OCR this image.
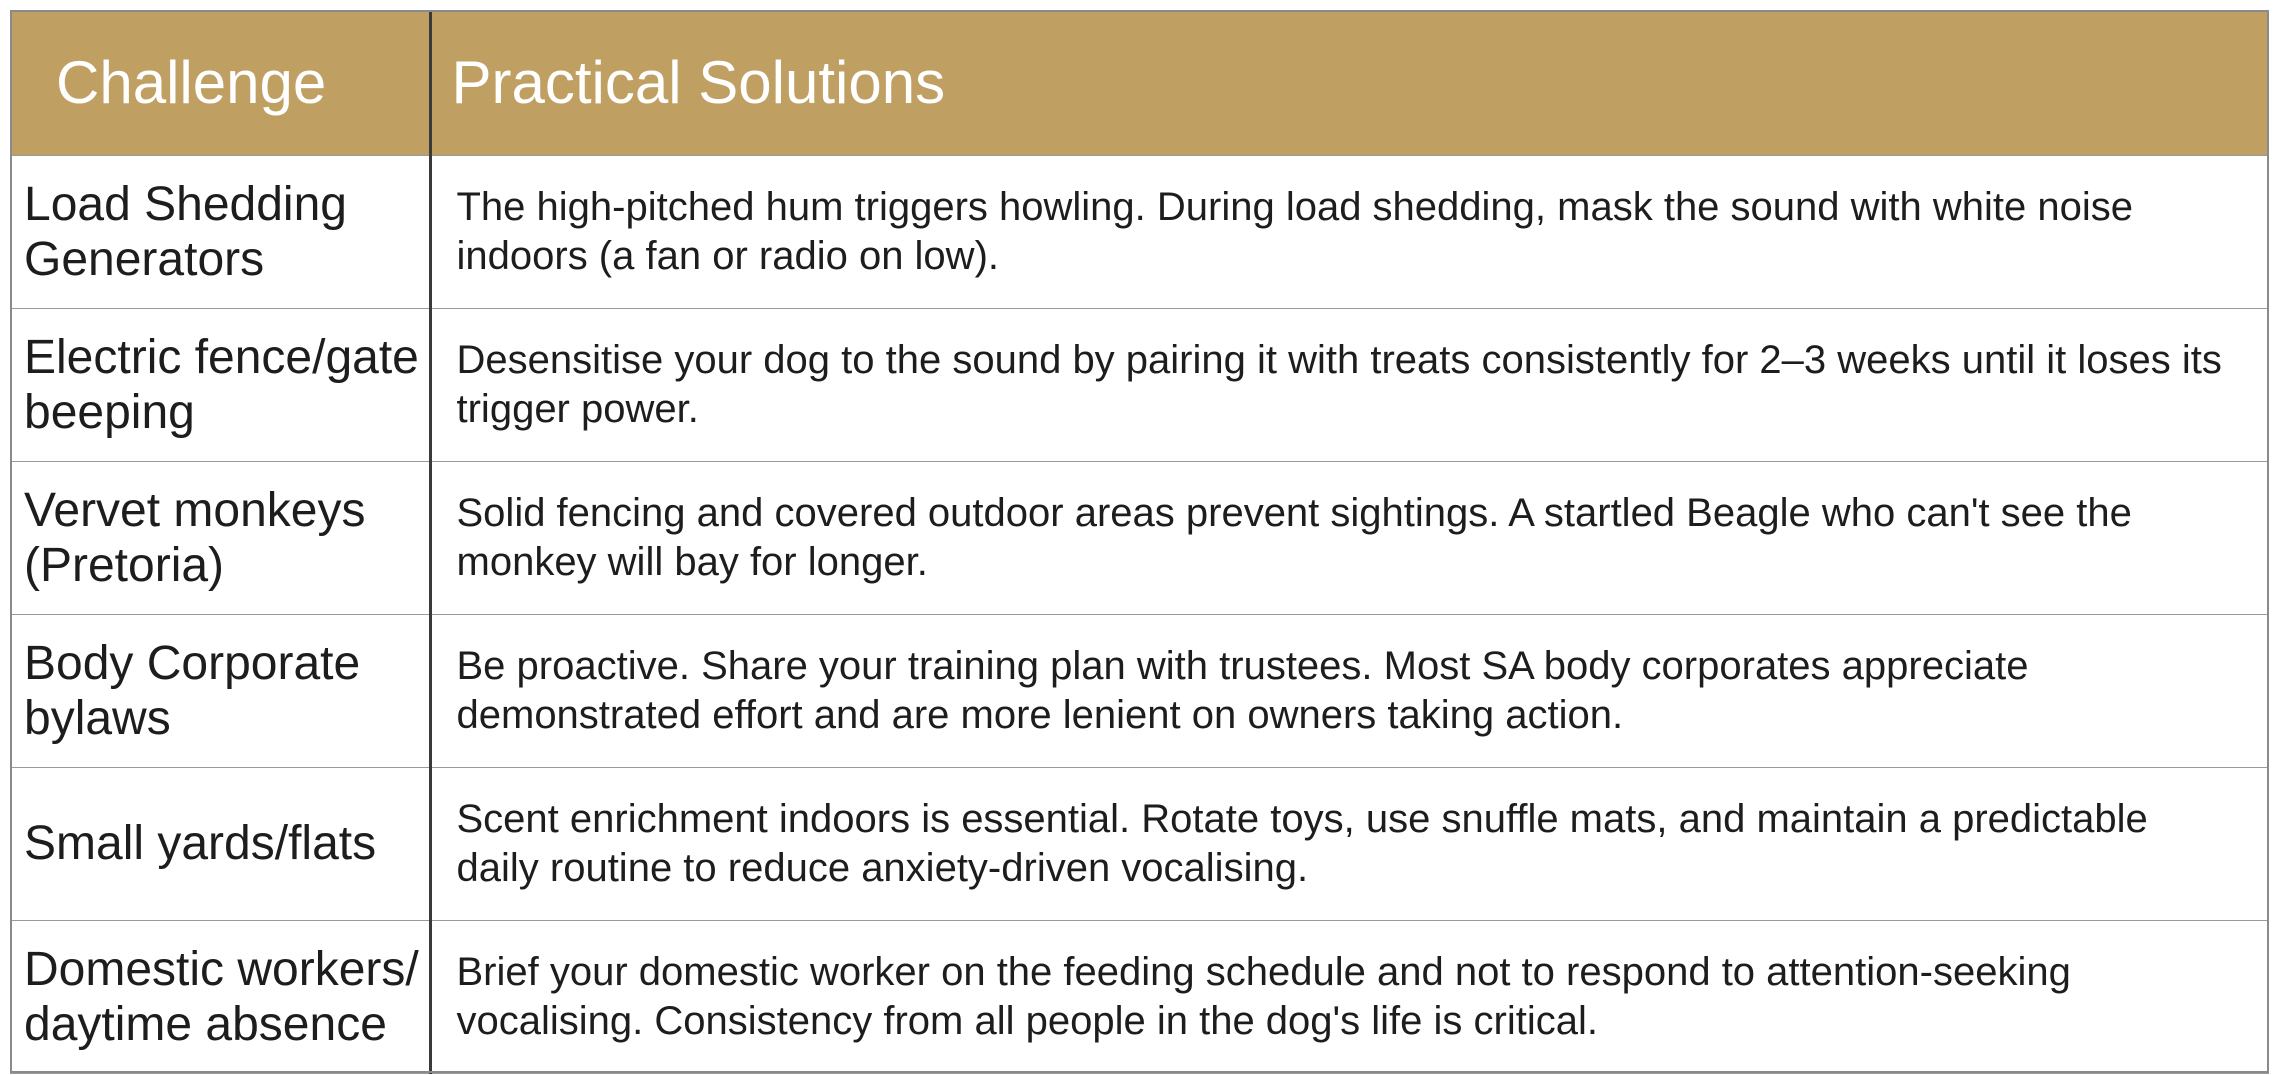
Challenge	Practical Solutions
Load Shedding Generators	The high-pitched hum triggers howling. During load shedding, mask the sound with white noise indoors (a fan or radio on low).
Electric fence/gate beeping	Desensitise your dog to the sound by pairing it with treats consistently for 2–3 weeks until it loses its trigger power.
Vervet monkeys (Pretoria)	Solid fencing and covered outdoor areas prevent sightings. A startled Beagle who can't see the monkey will bay for longer.
Body Corporate bylaws	Be proactive. Share your training plan with trustees. Most SA body corporates appreciate demonstrated effort and are more lenient on owners taking action.
Small yards/flats	Scent enrichment indoors is essential. Rotate toys, use snuffle mats, and maintain a predictable daily routine to reduce anxiety-driven vocalising.
Domestic workers/ daytime absence	Brief your domestic worker on the feeding schedule and not to respond to attention-seeking vocalising. Consistency from all people in the dog's life is critical.
